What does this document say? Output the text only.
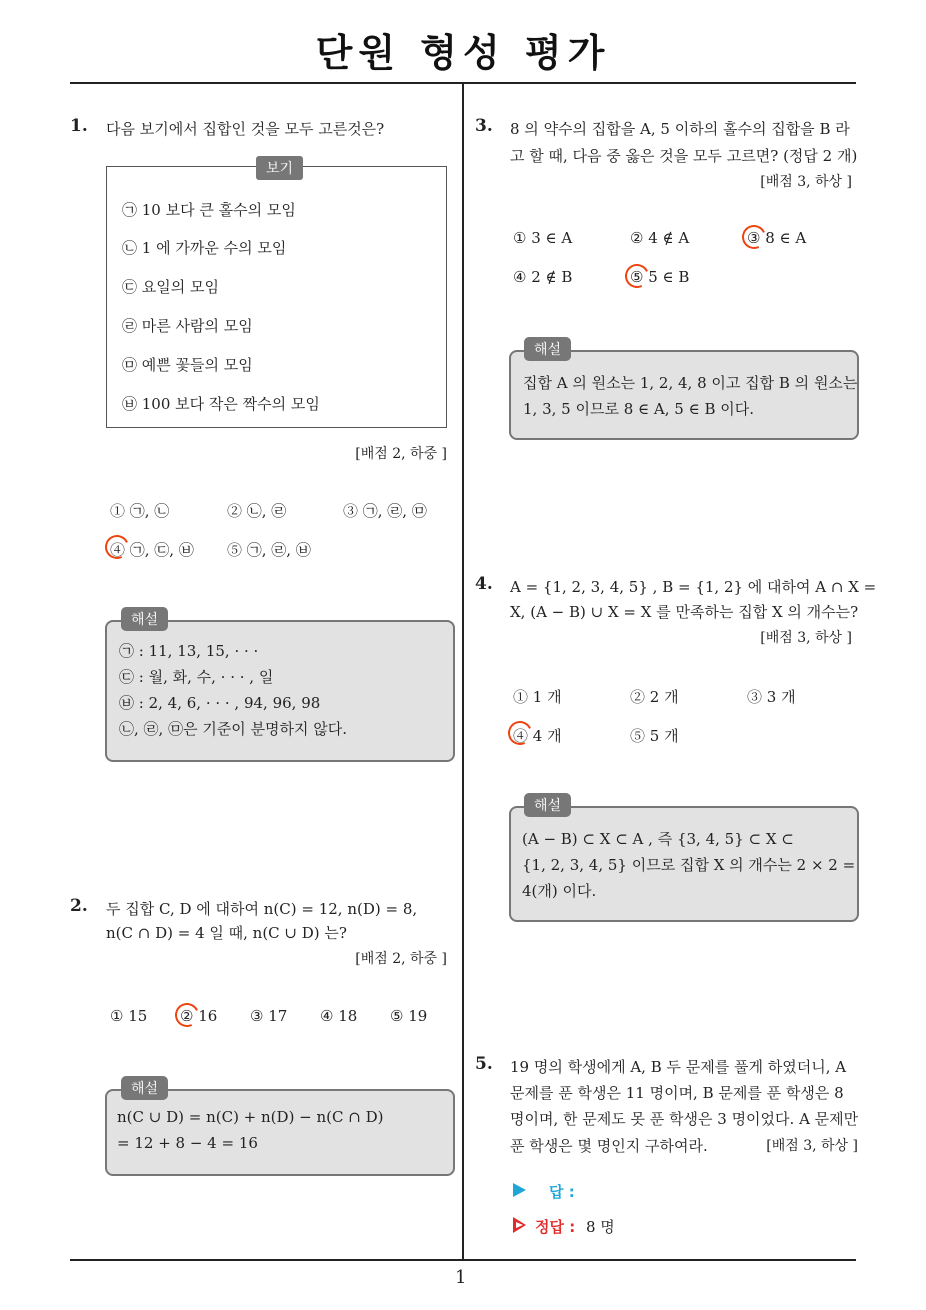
단원 형성 평가
1
1. 다음 보기에서 집합인 것을 모두 고른것은?
보기
㉠ 10 보다 큰 홀수의 모임
㉡ 1 에 가까운 수의 모임
㉢ 요일의 모임
㉣ 마른 사람의 모임
㉤ 예쁜 꽃들의 모임
㉥ 100 보다 작은 짝수의 모임
[배점 2, 하중 ]
① ㉠, ㉡	② ㉡, ㉣	③ ㉠, ㉣, ㉤
④ ㉠, ㉢, ㉥ ⑤ ㉠, ㉣, ㉥
해설
㉠ : 11, 13, 15, · · ·
㉢ : 월, 화, 수, · · · , 일
㉥ : 2, 4, 6, · · · , 94, 96, 98
㉡, ㉣, ㉤은 기준이 분명하지 않다.
2. 두 집합 C, D 에 대하여 n(C) = 12, n(D) = 8,
n(C ∩ D) = 4 일 때, n(C ∪ D) 는?
[배점 2, 하중 ]
① 15 ② 16 ③ 17 ④ 18 ⑤ 19
해설
n(C ∪ D) = n(C) + n(D) − n(C ∩ D)
= 12 + 8 − 4 = 16
3. 8 의 약수의 집합을 A, 5 이하의 홀수의 집합을 B 라
고 할 때, 다음 중 옳은 것을 모두 고르면? (정답 2 개)
[배점 3, 하상 ]
① 3 ∈ A	② 4 ∉ A	③ 8 ∈ A
④ 2 ∉ B	⑤ 5 ∈ B
해설
집합 A 의 원소는 1, 2, 4, 8 이고 집합 B 의 원소는
1, 3, 5 이므로 8 ∈ A, 5 ∈ B 이다.
4. A = {1, 2, 3, 4, 5} , B = {1, 2} 에 대하여 A ∩ X =
X, (A − B) ∪ X = X 를 만족하는 집합 X 의 개수는?
[배점 3, 하상 ]
① 1 개	② 2 개	③ 3 개
④ 4 개	⑤ 5 개
해설
(A − B) ⊂ X ⊂ A , 즉 {3, 4, 5} ⊂ X ⊂
{1, 2, 3, 4, 5} 이므로 집합 X 의 개수는 2 × 2 =
4(개) 이다.
5. 19 명의 학생에게 A, B 두 문제를 풀게 하였더니, A
문제를 푼 학생은 11 명이며, B 문제를 푼 학생은 8
명이며, 한 문제도 못 푼 학생은 3 명이었다. A 문제만
푼 학생은 몇 명인지 구하여라.	[배점 3, 하상 ]
답 :
정답 : 8 명
